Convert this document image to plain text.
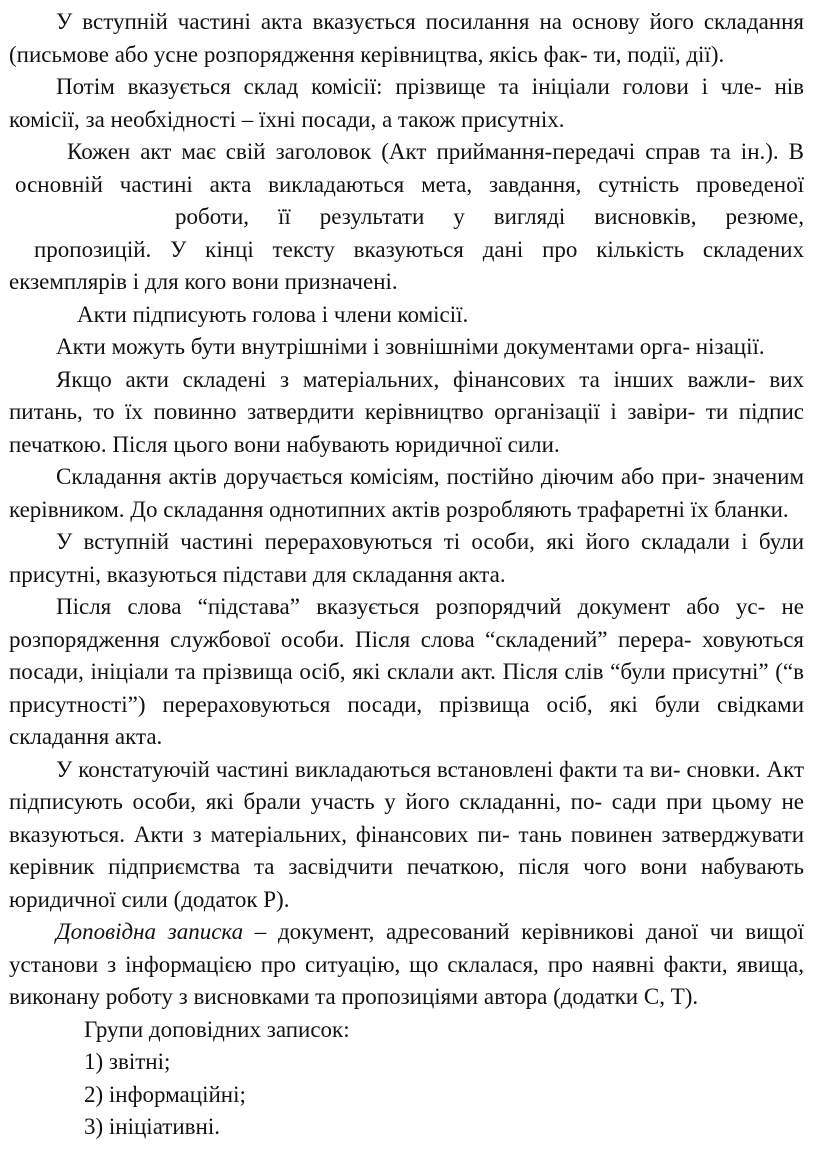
У вступній частині акта вказується посилання на основу його складання (письмове або усне розпорядження керівництва, якісь фак- ти, події, дії).

Потім вказується склад комісії: прізвище та ініціали голови і чле- нів комісії, за необхідності – їхні посади, а також присутніх.

Кожен акт має свій заголовок (Акт приймання-передачі справ та ін.). В
основній частині акта викладаються мета, завдання, сутність проведеної
роботи, її результати у вигляді висновків, резюме,
пропозицій. У кінці тексту вказуються дані про кількість складених
екземплярів і для кого вони призначені.

Акти підписують голова і члени комісії.

Акти можуть бути внутрішніми і зовнішніми документами орга- нізації.

Якщо акти складені з матеріальних, фінансових та інших важли- вих питань, то їх повинно затвердити керівництво організації і завіри- ти підпис печаткою. Після цього вони набувають юридичної сили.

Складання актів доручається комісіям, постійно діючим або при- значеним керівником. До складання однотипних актів розробляють трафаретні їх бланки.

У вступній частині перераховуються ті особи, які його складали і були присутні, вказуються підстави для складання акта.

Після слова “підстава” вказується розпорядчий документ або ус- не розпорядження службової особи. Після слова “складений” перера- ховуються посади, ініціали та прізвища осіб, які склали акт. Після слів “були присутні” (“в присутності”) перераховуються посади, прізвища осіб, які були свідками складання акта.

У констатуючій частині викладаються встановлені факти та ви- сновки. Акт підписують особи, які брали участь у його складанні, по- сади при цьому не вказуються. Акти з матеріальних, фінансових пи- тань повинен затверджувати керівник підприємства та засвідчити печаткою, після чого вони набувають юридичної сили (додаток Р).

Доповідна записка – документ, адресований керівникові даної чи вищої установи з інформацією про ситуацію, що склалася, про наявні факти, явища, виконану роботу з висновками та пропозиціями автора (додатки С, Т).

Групи доповідних записок:
1) звітні;
2) інформаційні;
3) ініціативні.
